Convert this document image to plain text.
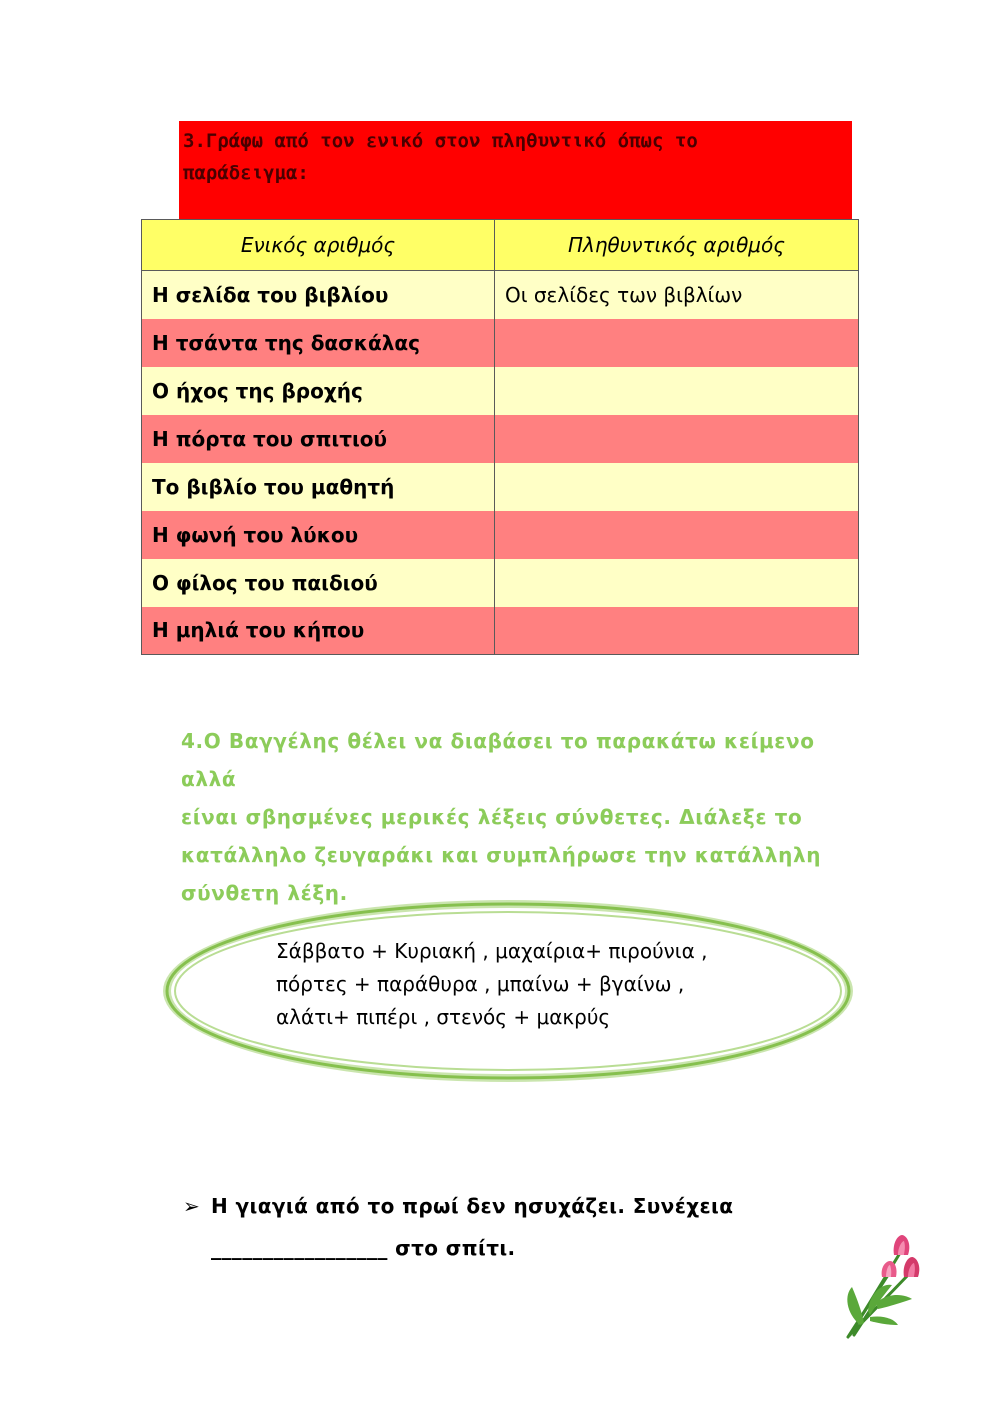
3.Γράφω από τον ενικό στον πληθυντικό όπως το
παράδειγμα:
Ενικός αριθμός	Πληθυντικός αριθμός
Η σελίδα του βιβλίου	Οι σελίδες των βιβλίων
Η τσάντα της δασκάλας	
Ο ήχος της βροχής	
Η πόρτα του σπιτιού	
Το βιβλίο του μαθητή	
Η φωνή του λύκου	
Ο φίλος του παιδιού	
Η μηλιά του κήπου	
4.Ο Βαγγέλης θέλει να διαβάσει το παρακάτω κείμενο αλλά
είναι σβησμένες μερικές λέξεις σύνθετες. Διάλεξε το
κατάλληλο ζευγαράκι και συμπλήρωσε την κατάλληλη
σύνθετη λέξη.
Σάββατο + Κυριακή , μαχαίρια+ πιρούνια ,
πόρτες + παράθυρα , μπαίνω + βγαίνω ,
αλάτι+ πιπέρι , στενός + μακρύς
➢ Η γιαγιά από το πρωί δεν ησυχάζει. Συνέχεια
_________________ στο σπίτι.
